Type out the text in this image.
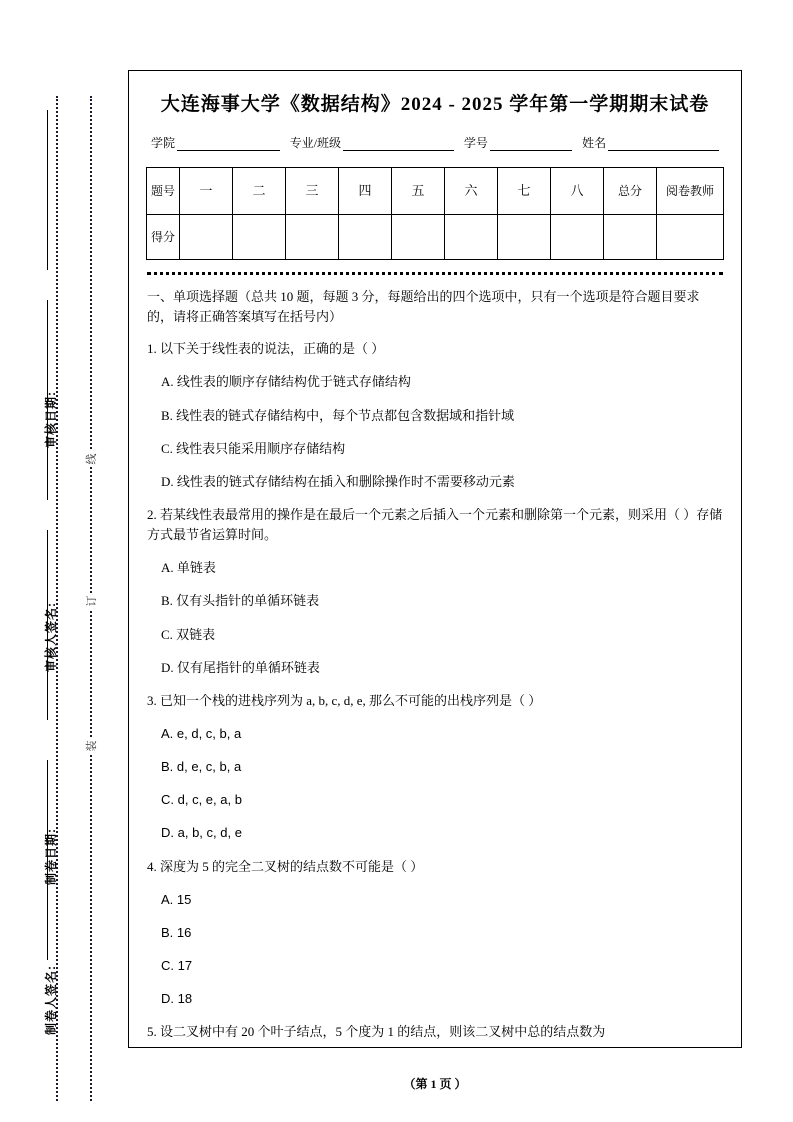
审核日期:
审核人签名:
制卷日期:
制卷人签名:
线
订
装
大连海事大学《数据结构》2024 - 2025 学年第一学期期末试卷
学院	专业/班级	学号	姓名
题号	一	二	三	四	五	六	七	八	总分	阅卷教师

得分										

一、单项选择题（总共 10 题，每题 3 分，每题给出的四个选项中，只有一个选项是符合题目要求的，请将正确答案填写在括号内）
1. 以下关于线性表的说法，正确的是（ ）
A. 线性表的顺序存储结构优于链式存储结构
B. 线性表的链式存储结构中，每个节点都包含数据域和指针域
C. 线性表只能采用顺序存储结构
D. 线性表的链式存储结构在插入和删除操作时不需要移动元素
2. 若某线性表最常用的操作是在最后一个元素之后插入一个元素和删除第一个元素，则采用（ ）存储方式最节省运算时间。
A. 单链表
B. 仅有头指针的单循环链表
C. 双链表
D. 仅有尾指针的单循环链表
3. 已知一个栈的进栈序列为 a, b, c, d, e, 那么不可能的出栈序列是（ ）
A. e, d, c, b, a
B. d, e, c, b, a
C. d, c, e, a, b
D. a, b, c, d, e
4. 深度为 5 的完全二叉树的结点数不可能是（ ）
A. 15
B. 16
C. 17
D. 18
5. 设二叉树中有 20 个叶子结点，5 个度为 1 的结点，则该二叉树中总的结点数为
（第 1 页 ）
